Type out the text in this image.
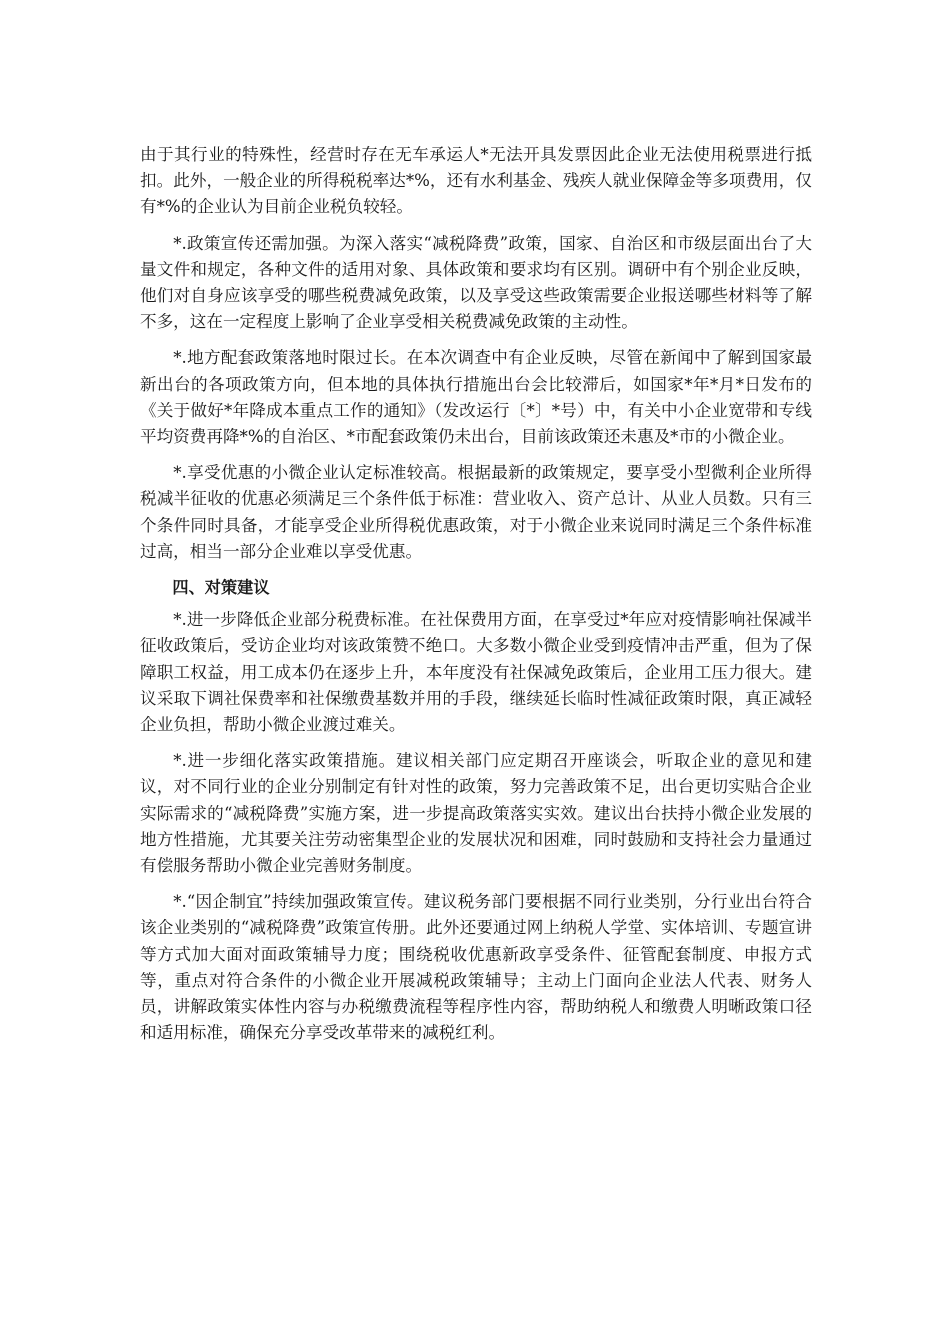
由于其行业的特殊性，经营时存在无车承运人*无法开具发票因此企业无法使用税票进行抵扣。此外，一般企业的所得税税率达*%，还有水利基金、残疾人就业保障金等多项费用，仅有*%的企业认为目前企业税负较轻。

*.政策宣传还需加强。为深入落实“减税降费”政策，国家、自治区和市级层面出台了大量文件和规定，各种文件的适用对象、具体政策和要求均有区别。调研中有个别企业反映，他们对自身应该享受的哪些税费减免政策，以及享受这些政策需要企业报送哪些材料等了解不多，这在一定程度上影响了企业享受相关税费减免政策的主动性。

*.地方配套政策落地时限过长。在本次调查中有企业反映，尽管在新闻中了解到国家最新出台的各项政策方向，但本地的具体执行措施出台会比较滞后，如国家*年*月*日发布的《关于做好*年降成本重点工作的通知》（发改运行〔*〕*号）中，有关中小企业宽带和专线平均资费再降*%的自治区、*市配套政策仍未出台，目前该政策还未惠及*市的小微企业。

*.享受优惠的小微企业认定标准较高。根据最新的政策规定，要享受小型微利企业所得税减半征收的优惠必须满足三个条件低于标准：营业收入、资产总计、从业人员数。只有三个条件同时具备，才能享受企业所得税优惠政策，对于小微企业来说同时满足三个条件标准过高，相当一部分企业难以享受优惠。

四、对策建议

*.进一步降低企业部分税费标准。在社保费用方面，在享受过*年应对疫情影响社保减半征收政策后，受访企业均对该政策赞不绝口。大多数小微企业受到疫情冲击严重，但为了保障职工权益，用工成本仍在逐步上升，本年度没有社保减免政策后，企业用工压力很大。建议采取下调社保费率和社保缴费基数并用的手段，继续延长临时性减征政策时限，真正减轻企业负担，帮助小微企业渡过难关。

*.进一步细化落实政策措施。建议相关部门应定期召开座谈会，听取企业的意见和建议，对不同行业的企业分别制定有针对性的政策，努力完善政策不足，出台更切实贴合企业实际需求的“减税降费”实施方案，进一步提高政策落实实效。建议出台扶持小微企业发展的地方性措施，尤其要关注劳动密集型企业的发展状况和困难，同时鼓励和支持社会力量通过有偿服务帮助小微企业完善财务制度。

*.“因企制宜”持续加强政策宣传。建议税务部门要根据不同行业类别，分行业出台符合该企业类别的“减税降费”政策宣传册。此外还要通过网上纳税人学堂、实体培训、专题宣讲等方式加大面对面政策辅导力度；围绕税收优惠新政享受条件、征管配套制度、申报方式等，重点对符合条件的小微企业开展减税政策辅导；主动上门面向企业法人代表、财务人员，讲解政策实体性内容与办税缴费流程等程序性内容，帮助纳税人和缴费人明晰政策口径和适用标准，确保充分享受改革带来的减税红利。
